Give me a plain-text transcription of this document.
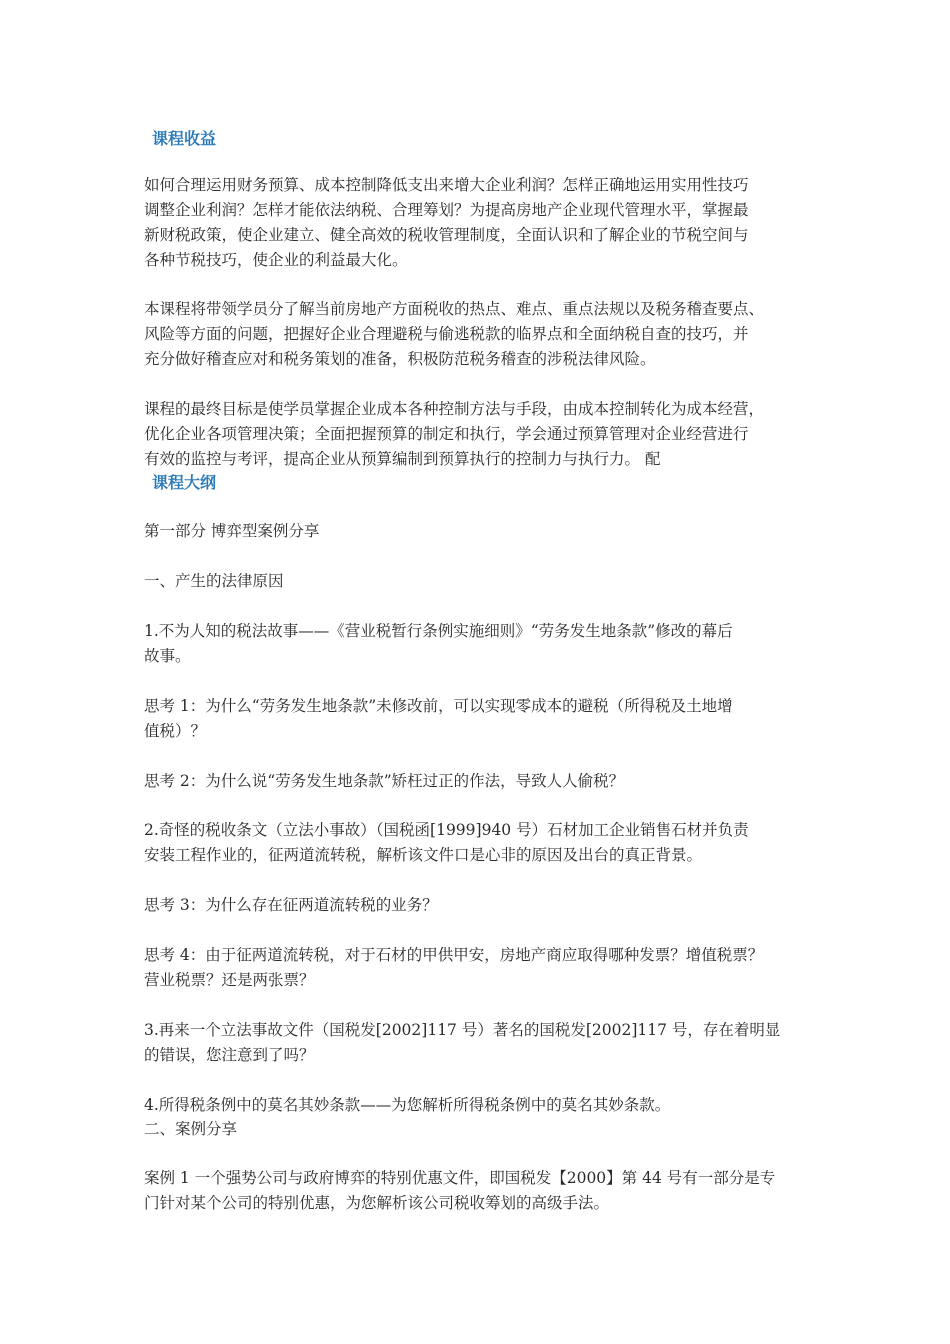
课程收益
如何合理运用财务预算、成本控制降低支出来增大企业利润？怎样正确地运用实用性技巧
调整企业利润？怎样才能依法纳税、合理筹划？为提高房地产企业现代管理水平，掌握最
新财税政策，使企业建立、健全高效的税收管理制度，全面认识和了解企业的节税空间与
各种节税技巧，使企业的利益最大化。
本课程将带领学员分了解当前房地产方面税收的热点、难点、重点法规以及税务稽查要点、
风险等方面的问题，把握好企业合理避税与偷逃税款的临界点和全面纳税自查的技巧，并
充分做好稽查应对和税务策划的准备，积极防范税务稽查的涉税法律风险。
课程的最终目标是使学员掌握企业成本各种控制方法与手段，由成本控制转化为成本经营，
优化企业各项管理决策；全面把握预算的制定和执行，学会通过预算管理对企业经营进行
有效的监控与考评，提高企业从预算编制到预算执行的控制力与执行力。 配
课程大纲
第一部分 博弈型案例分享
一、产生的法律原因
1.不为人知的税法故事——《营业税暂行条例实施细则》“劳务发生地条款”修改的幕后
故事。
思考 1：为什么“劳务发生地条款”未修改前，可以实现零成本的避税（所得税及土地增
值税）？
思考 2：为什么说“劳务发生地条款”矫枉过正的作法，导致人人偷税？
2.奇怪的税收条文（立法小事故）（国税函[1999]940 号）石材加工企业销售石材并负责
安装工程作业的，征两道流转税，解析该文件口是心非的原因及出台的真正背景。
思考 3：为什么存在征两道流转税的业务？
思考 4：由于征两道流转税，对于石材的甲供甲安，房地产商应取得哪种发票？增值税票？
营业税票？还是两张票？
3.再来一个立法事故文件（国税发[2002]117 号）著名的国税发[2002]117 号，存在着明显
的错误，您注意到了吗？
4.所得税条例中的莫名其妙条款——为您解析所得税条例中的莫名其妙条款。
二、案例分享
案例 1 一个强势公司与政府博弈的特别优惠文件，即国税发【2000】第 44 号有一部分是专
门针对某个公司的特别优惠，为您解析该公司税收筹划的高级手法。
